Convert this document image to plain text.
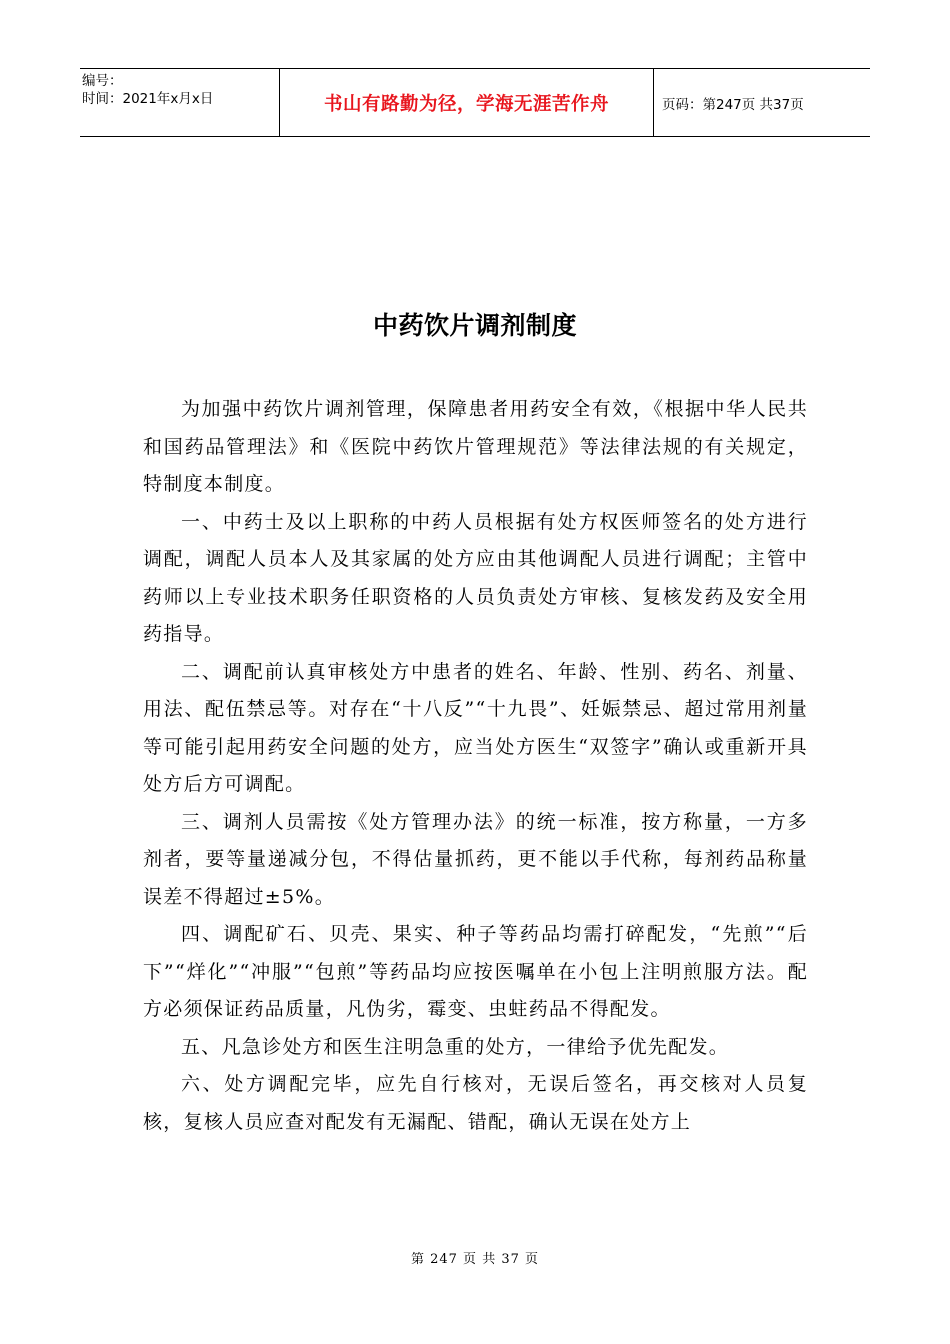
编号：
时间：2021年x月x日	书山有路勤为径，学海无涯苦作舟	页码：第247页 共37页
中药饮片调剂制度

为加强中药饮片调剂管理，保障患者用药安全有效，《根据中华人民共和国药品管理法》和《医院中药饮片管理规范》等法律法规的有关规定，特制度本制度。

一、中药士及以上职称的中药人员根据有处方权医师签名的处方进行调配，调配人员本人及其家属的处方应由其他调配人员进行调配；主管中药师以上专业技术职务任职资格的人员负责处方审核、复核发药及安全用药指导。

二、调配前认真审核处方中患者的姓名、年龄、性别、药名、剂量、用法、配伍禁忌等。对存在“十八反”“十九畏”、妊娠禁忌、超过常用剂量等可能引起用药安全问题的处方，应当处方医生“双签字”确认或重新开具处方后方可调配。

三、调剂人员需按《处方管理办法》的统一标准，按方称量，一方多剂者，要等量递减分包，不得估量抓药，更不能以手代称，每剂药品称量误差不得超过±5%。

四、调配矿石、贝壳、果实、种子等药品均需打碎配发，“先煎”“后下”“烊化”“冲服”“包煎”等药品均应按医嘱单在小包上注明煎服方法。配方必须保证药品质量，凡伪劣，霉变、虫蛀药品不得配发。

五、凡急诊处方和医生注明急重的处方，一律给予优先配发。

六、处方调配完毕，应先自行核对，无误后签名，再交核对人员复核，复核人员应查对配发有无漏配、错配，确认无误在处方上

第 247 页 共 37 页
